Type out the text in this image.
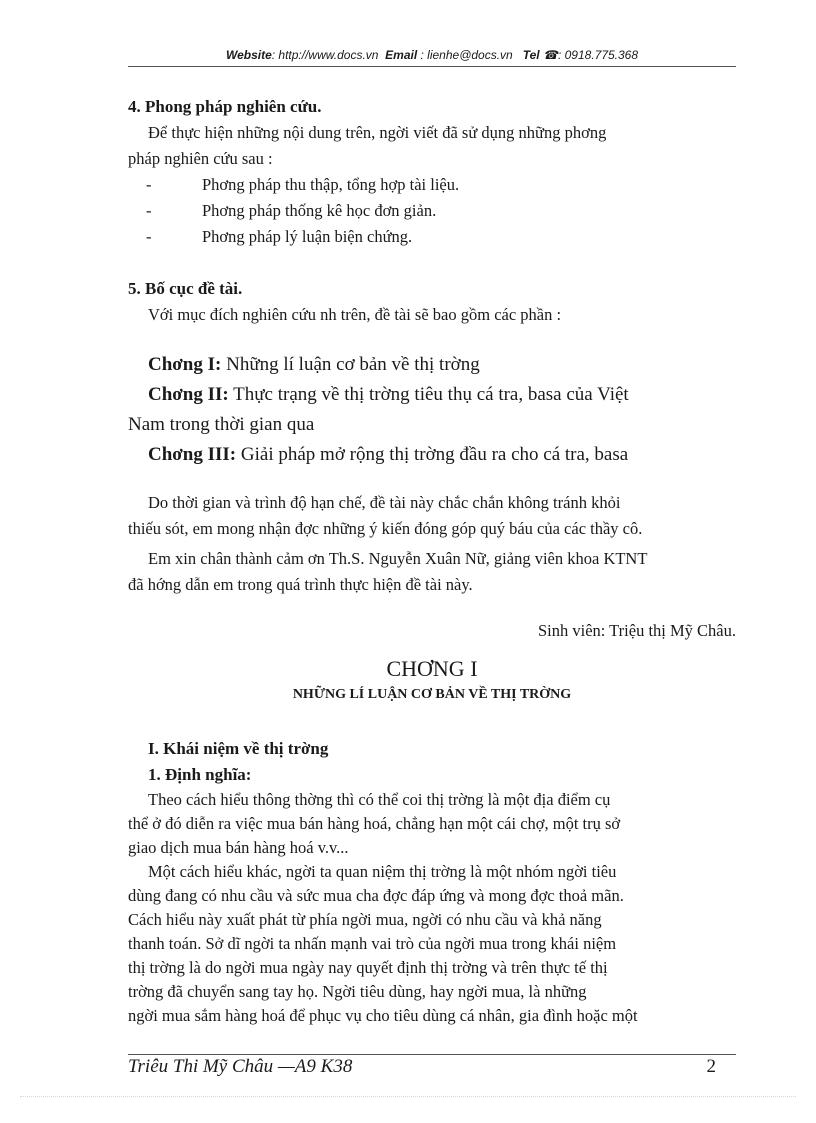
Website: http://www.docs.vn Email : lienhe@docs.vn Tel ☎: 0918.775.368

4. Phong pháp nghiên cứu.

Để thực hiện những nội dung trên, ngời viết đã sử dụng những phơng

pháp nghiên cứu sau :

-	Phơng pháp thu thập, tổng hợp tài liệu.
-	Phơng pháp thống kê học đơn giản.
-	Phơng pháp lý luận biện chứng.

5. Bố cục đề tài.

Với mục đích nghiên cứu nh trên, đề tài sẽ bao gồm các phần :

Chơng I: Những lí luận cơ bản về thị trờng

Chơng II: Thực trạng về thị trờng tiêu thụ cá tra, basa của Việt

Nam trong thời gian qua

Chơng III: Giải pháp mở rộng thị trờng đầu ra cho cá tra, basa

Do thời gian và trình độ hạn chế, đề tài này chắc chắn không tránh khỏi

thiếu sót, em mong nhận đợc những ý kiến đóng góp quý báu của các thầy cô.

Em xin chân thành cảm ơn Th.S. Nguyễn Xuân Nữ, giảng viên khoa KTNT

đã hớng dẫn em trong quá trình thực hiện đề tài này.

Sinh viên: Triệu thị Mỹ Châu.

CHƠNG I

NHỮNG LÍ LUẬN CƠ BẢN VỀ THỊ TRỜNG

I. Khái niệm về thị trờng

1. Định nghĩa:

Theo cách hiểu thông thờng thì có thể coi thị trờng là một địa điểm cụ

thể ở đó diễn ra việc mua bán hàng hoá, chẳng hạn một cái chợ, một trụ sở

giao dịch mua bán hàng hoá v.v...

Một cách hiểu khác, ngời ta quan niệm thị trờng là một nhóm ngời tiêu

dùng đang có nhu cầu và sức mua cha đợc đáp ứng và mong đợc thoả mãn.

Cách hiểu này xuất phát từ phía ngời mua, ngời có nhu cầu và khả năng

thanh toán. Sở dĩ ngời ta nhấn mạnh vai trò của ngời mua trong khái niệm

thị trờng là do ngời mua ngày nay quyết định thị trờng và trên thực tế thị

trờng đã chuyển sang tay họ. Ngời tiêu dùng, hay ngời mua, là những

ngời mua sắm hàng hoá để phục vụ cho tiêu dùng cá nhân, gia đình hoặc một

Triêu Thi Mỹ Châu —A9 K38	2
